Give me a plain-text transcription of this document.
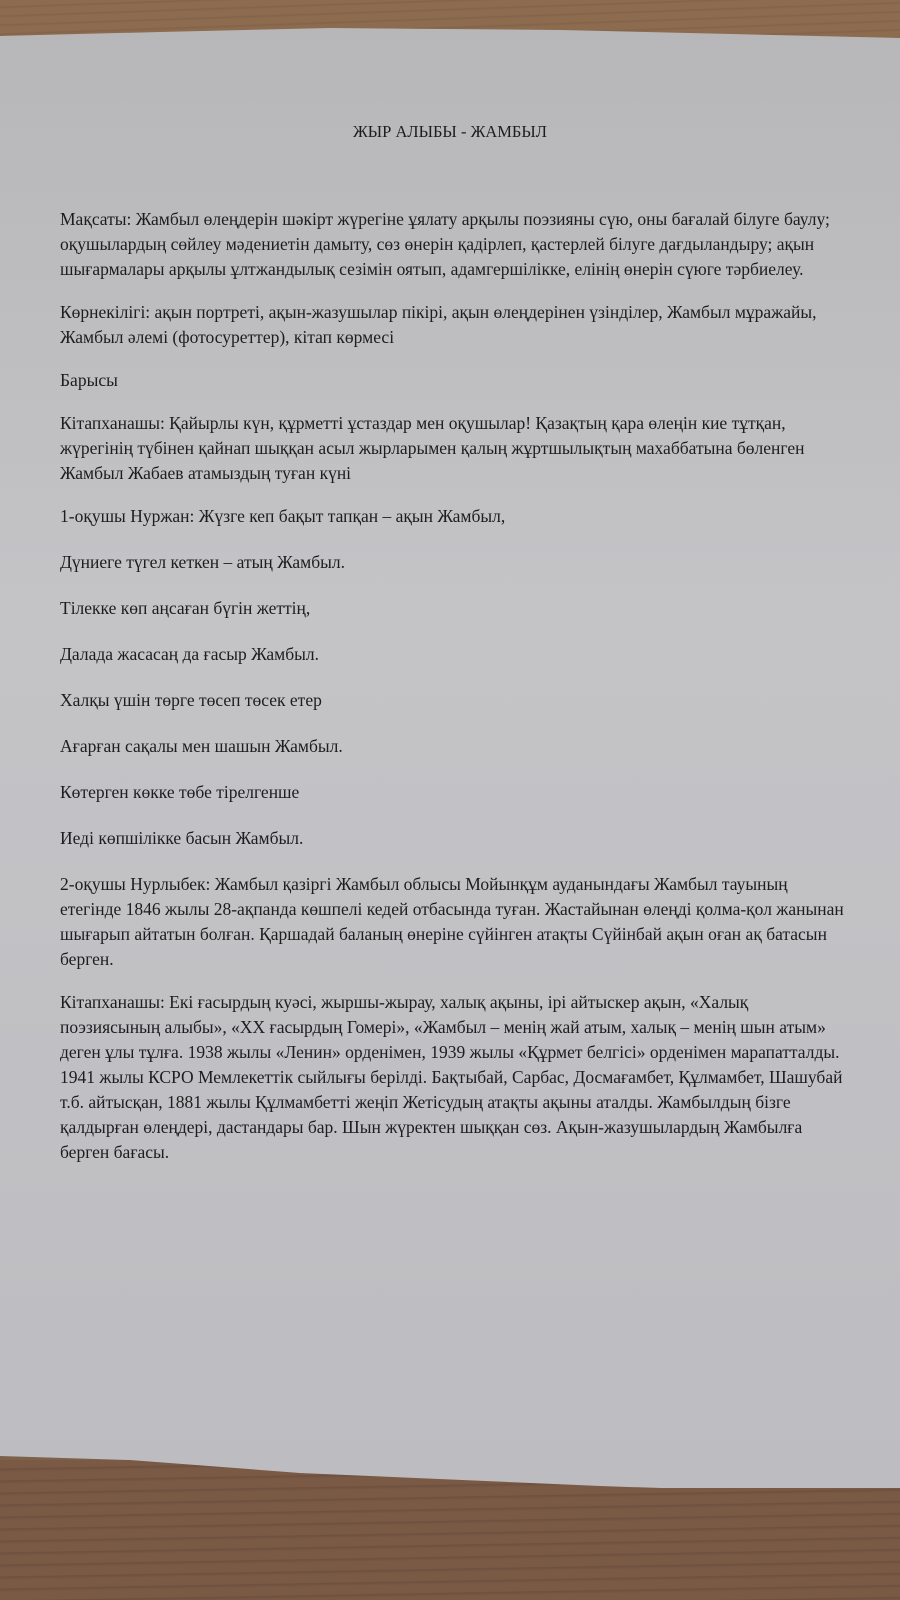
ЖЫР АЛЫБЫ - ЖАМБЫЛ

Мақсаты: Жамбыл өлеңдерін шәкірт жүрегіне ұялату арқылы поэзияны сүю, оны бағалай білуге баулу; оқушылардың сөйлеу мәдениетін дамыту, сөз өнерін қадірлеп, қастерлей білуге дағдыландыру; ақын шығармалары арқылы ұлтжандылық сезімін оятып, адамгершілікке, елінің өнерін сүюге тәрбиелеу.

Көрнекілігі: ақын портреті, ақын-жазушылар пікірі, ақын өлеңдерінен үзінділер, Жамбыл мұражайы, Жамбыл әлемі (фотосуреттер), кітап көрмесі

Барысы

Кітапханашы: Қайырлы күн, құрметті ұстаздар мен оқушылар! Қазақтың қара өлеңін кие тұтқан, жүрегінің түбінен қайнап шыққан асыл жырларымен қалың жұртшылықтың махаббатына бөленген Жамбыл Жабаев атамыздың туған күні

1-оқушы Нуржан: Жүзге кеп бақыт тапқан – ақын Жамбыл,

Дүниеге түгел кеткен – атың Жамбыл.

Тілекке көп аңсаған бүгін жеттің,

Далада жасасаң да ғасыр Жамбыл.

Халқы үшін төрге төсеп төсек етер

Ағарған сақалы мен шашын Жамбыл.

Көтерген көкке төбе тірелгенше

Иеді көпшілікке басын Жамбыл.

2-оқушы Нурлыбек: Жамбыл қазіргі Жамбыл облысы Мойынқұм ауданындағы Жамбыл тауының етегінде 1846 жылы 28-ақпанда көшпелі кедей отбасында туған. Жастайынан өлеңді қолма-қол жанынан шығарып айтатын болған. Қаршадай баланың өнеріне сүйінген атақты Сүйінбай ақын оған ақ батасын берген.

Кітапханашы: Екі ғасырдың куәсі, жыршы-жырау, халық ақыны, ірі айтыскер ақын, «Халық поэзиясының алыбы», «ХХ ғасырдың Гомері», «Жамбыл – менің жай атым, халық – менің шын атым» деген ұлы тұлға. 1938 жылы «Ленин» орденімен, 1939 жылы «Құрмет белгісі» орденімен марапатталды. 1941 жылы КСРО Мемлекеттік сыйлығы берілді. Бақтыбай, Сарбас, Досмағамбет, Құлмамбет, Шашубай т.б. айтысқан, 1881 жылы Құлмамбетті жеңіп Жетісудың атақты ақыны аталды. Жамбылдың бізге қалдырған өлеңдері, дастандары бар. Шын жүректен шыққан сөз. Ақын-жазушылардың Жамбылға берген бағасы.
